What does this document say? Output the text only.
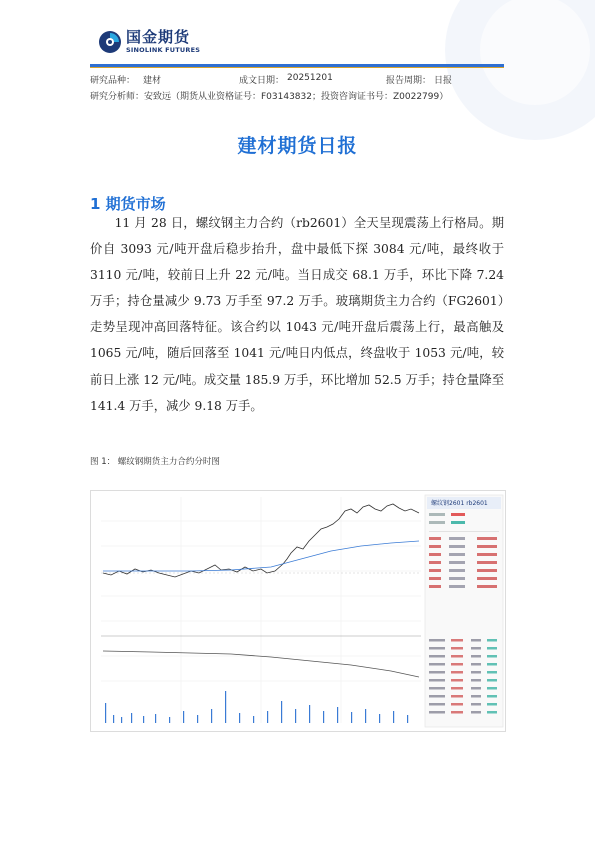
国金期货
SINOLINK FUTURES
研究品种： 建材	成文日期： 20251201	报告周期： 日报
研究分析师：安致远（期货从业资格证号：F03143832；投资咨询证书号：Z0022799）
建材期货日报
1 期货市场
11 月 28 日，螺纹钢主力合约（rb2601）全天呈现震荡上行格局。期价自 3093 元/吨开盘后稳步抬升，盘中最低下探 3084 元/吨，最终收于 3110 元/吨，较前日上升 22 元/吨。当日成交 68.1 万手，环比下降 7.24 万手；持仓量减少 9.73 万手至 97.2 万手。玻璃期货主力合约（FG2601）走势呈现冲高回落特征。该合约以 1043 元/吨开盘后震荡上行，最高触及 1065 元/吨，随后回落至 1041 元/吨日内低点，终盘收于 1053 元/吨，较前日上涨 12 元/吨。成交量 185.9 万手，环比增加 52.5 万手；持仓量降至 141.4 万手，减少 9.18 万手。
图 1： 螺纹钢期货主力合约分时图
螺纹钢2601 rb2601
